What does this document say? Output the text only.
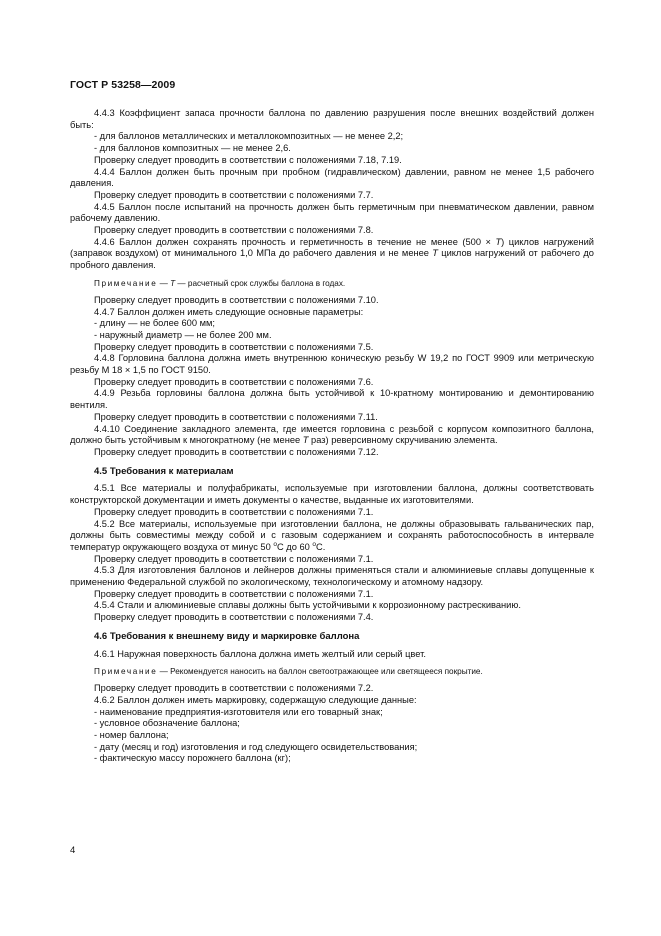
ГОСТ Р 53258—2009

4.4.3 Коэффициент запаса прочности баллона по давлению разрушения после внешних воздействий должен быть:

- для баллонов металлических и металлокомпозитных — не менее 2,2;

- для баллонов композитных — не менее 2,6.

Проверку следует проводить в соответствии с положениями 7.18, 7.19.

4.4.4 Баллон должен быть прочным при пробном (гидравлическом) давлении, равном не менее 1,5 рабочего давления.

Проверку следует проводить в соответствии с положениями 7.7.

4.4.5 Баллон после испытаний на прочность должен быть герметичным при пневматическом давлении, равном рабочему давлению.

Проверку следует проводить в соответствии с положениями 7.8.

4.4.6 Баллон должен сохранять прочность и герметичность в течение не менее (500 × T) циклов нагружений (заправок воздухом) от минимального 1,0 МПа до рабочего давления и не менее T циклов нагружений от рабочего до пробного давления.

Примечание — T — расчетный срок службы баллона в годах.

Проверку следует проводить в соответствии с положениями 7.10.

4.4.7 Баллон должен иметь следующие основные параметры:

- длину — не более 600 мм;

- наружный диаметр — не более 200 мм.

Проверку следует проводить в соответствии с положениями 7.5.

4.4.8 Горловина баллона должна иметь внутреннюю коническую резьбу W 19,2 по ГОСТ 9909 или метрическую резьбу М 18 × 1,5 по ГОСТ 9150.

Проверку следует проводить в соответствии с положениями 7.6.

4.4.9 Резьба горловины баллона должна быть устойчивой к 10-кратному монтированию и демонтированию вентиля.

Проверку следует проводить в соответствии с положениями 7.11.

4.4.10 Соединение закладного элемента, где имеется горловина с резьбой с корпусом композитного баллона, должно быть устойчивым к многократному (не менее T раз) реверсивному скручиванию элемента.

Проверку следует проводить в соответствии с положениями 7.12.

4.5 Требования к материалам

4.5.1 Все материалы и полуфабрикаты, используемые при изготовлении баллона, должны соответствовать конструкторской документации и иметь документы о качестве, выданные их изготовителями.

Проверку следует проводить в соответствии с положениями 7.1.

4.5.2 Все материалы, используемые при изготовлении баллона, не должны образовывать гальванических пар, должны быть совместимы между собой и с газовым содержанием и сохранять работоспособность в интервале температур окружающего воздуха от минус 50 $^о$С до 60 $^о$С.

Проверку следует проводить в соответствии с положениями 7.1.

4.5.3 Для изготовления баллонов и лейнеров должны применяться стали и алюминиевые сплавы допущенные к применению Федеральной службой по экологическому, технологическому и атомному надзору.

Проверку следует проводить в соответствии с положениями 7.1.

4.5.4 Стали и алюминиевые сплавы должны быть устойчивыми к коррозионному растрескиванию.

Проверку следует проводить в соответствии с положениями 7.4.

4.6 Требования к внешнему виду и маркировке баллона

4.6.1 Наружная поверхность баллона должна иметь желтый или серый цвет.

Примечание — Рекомендуется наносить на баллон светоотражающее или светящееся покрытие.

Проверку следует проводить в соответствии с положениями 7.2.

4.6.2 Баллон должен иметь маркировку, содержащую следующие данные:

- наименование предприятия-изготовителя или его товарный знак;

- условное обозначение баллона;

- номер баллона;

- дату (месяц и год) изготовления и год следующего освидетельствования;

- фактическую массу порожнего баллона (кг);

4
